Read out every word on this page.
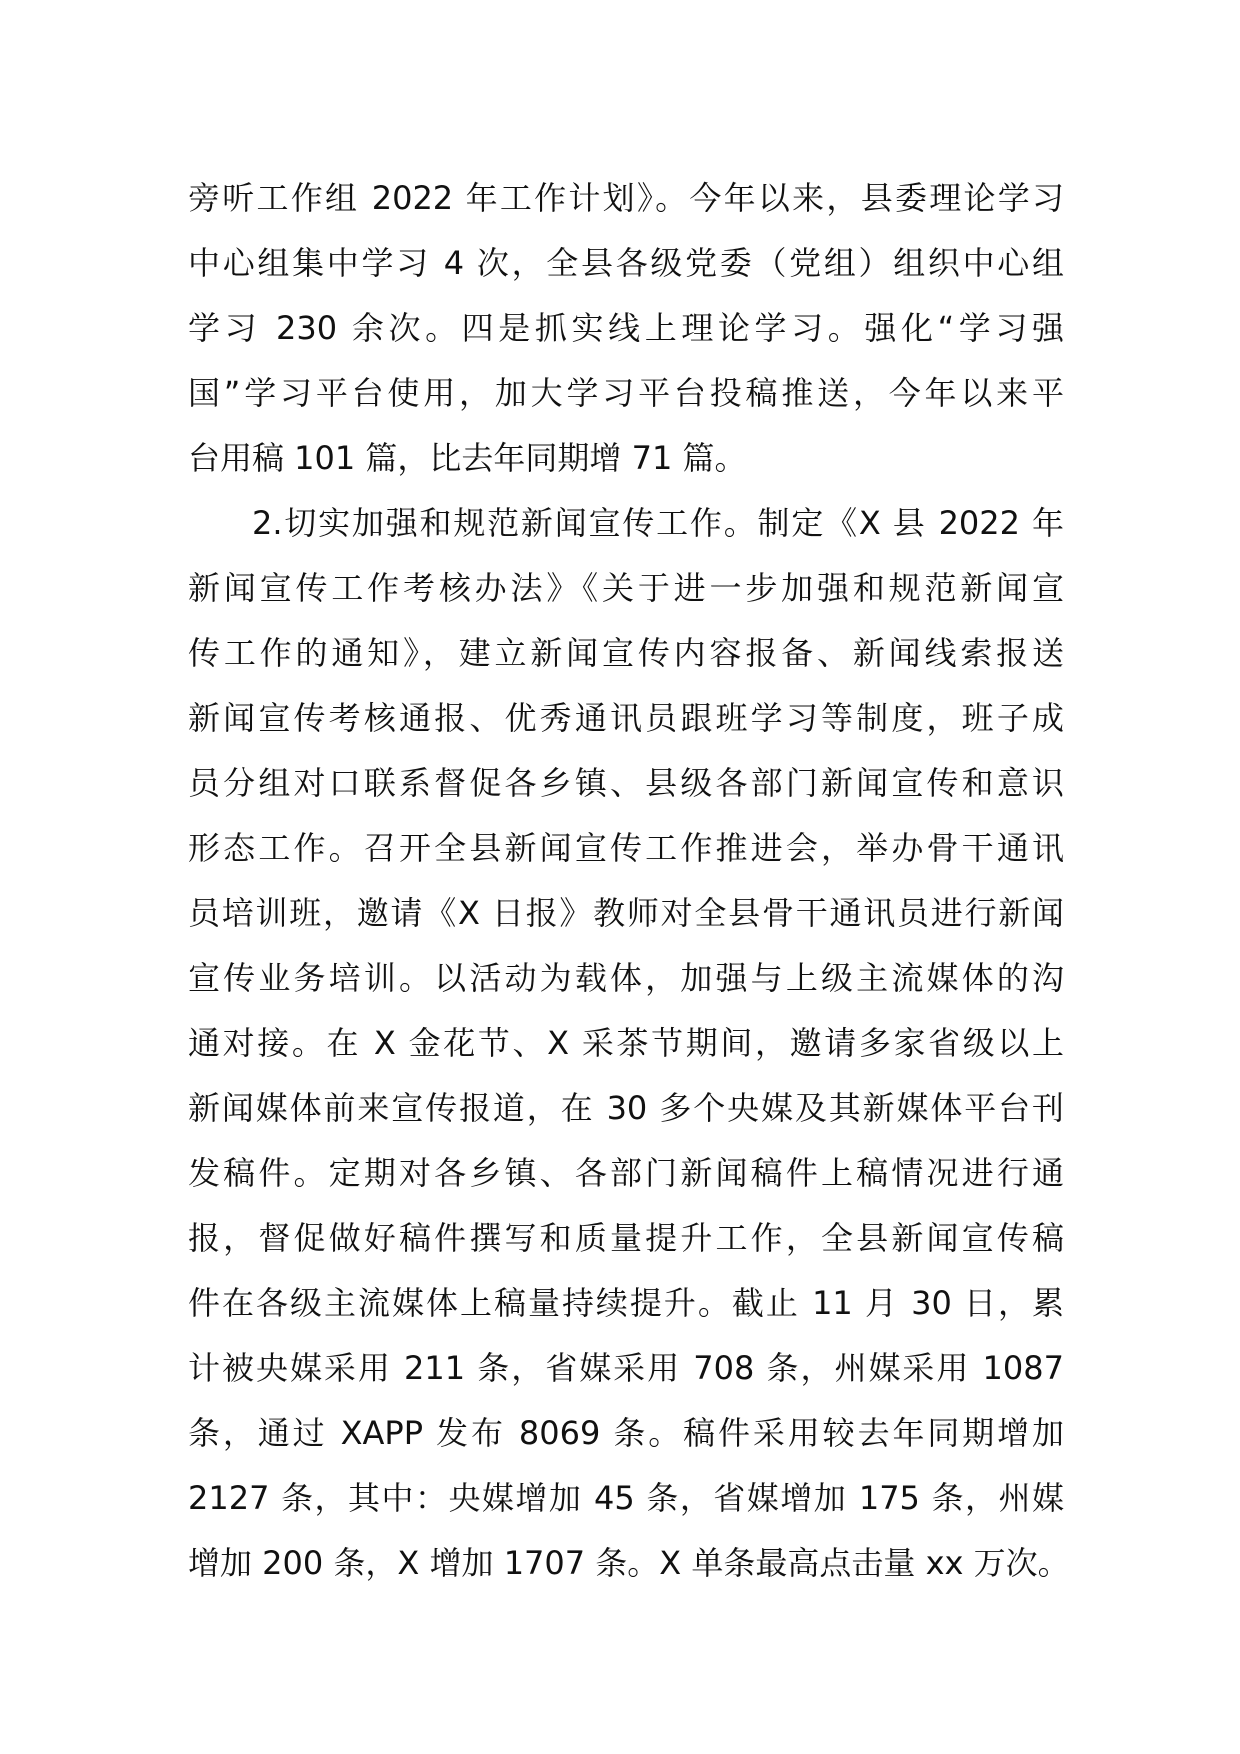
旁听工作组 2022 年工作计划》。今年以来，县委理论学习
中心组集中学习 4 次，全县各级党委（党组）组织中心组
学习 230 余次。四是抓实线上理论学习。强化“学习强
国”学习平台使用，加大学习平台投稿推送，今年以来平
台用稿 101 篇，比去年同期增 71 篇。
2.切实加强和规范新闻宣传工作。制定《X 县 2022 年
新闻宣传工作考核办法》《关于进一步加强和规范新闻宣
传工作的通知》，建立新闻宣传内容报备、新闻线索报送
新闻宣传考核通报、优秀通讯员跟班学习等制度，班子成
员分组对口联系督促各乡镇、县级各部门新闻宣传和意识
形态工作。召开全县新闻宣传工作推进会，举办骨干通讯
员培训班，邀请《X 日报》教师对全县骨干通讯员进行新闻
宣传业务培训。以活动为载体，加强与上级主流媒体的沟
通对接。在 X 金花节、X 采茶节期间，邀请多家省级以上
新闻媒体前来宣传报道，在 30 多个央媒及其新媒体平台刊
发稿件。定期对各乡镇、各部门新闻稿件上稿情况进行通
报，督促做好稿件撰写和质量提升工作，全县新闻宣传稿
件在各级主流媒体上稿量持续提升。截止 11 月 30 日，累
计被央媒采用 211 条，省媒采用 708 条，州媒采用 1087
条，通过 XAPP 发布 8069 条。稿件采用较去年同期增加
2127 条，其中：央媒增加 45 条，省媒增加 175 条，州媒
增加 200 条，X 增加 1707 条。X 单条最高点击量 xx 万次。
